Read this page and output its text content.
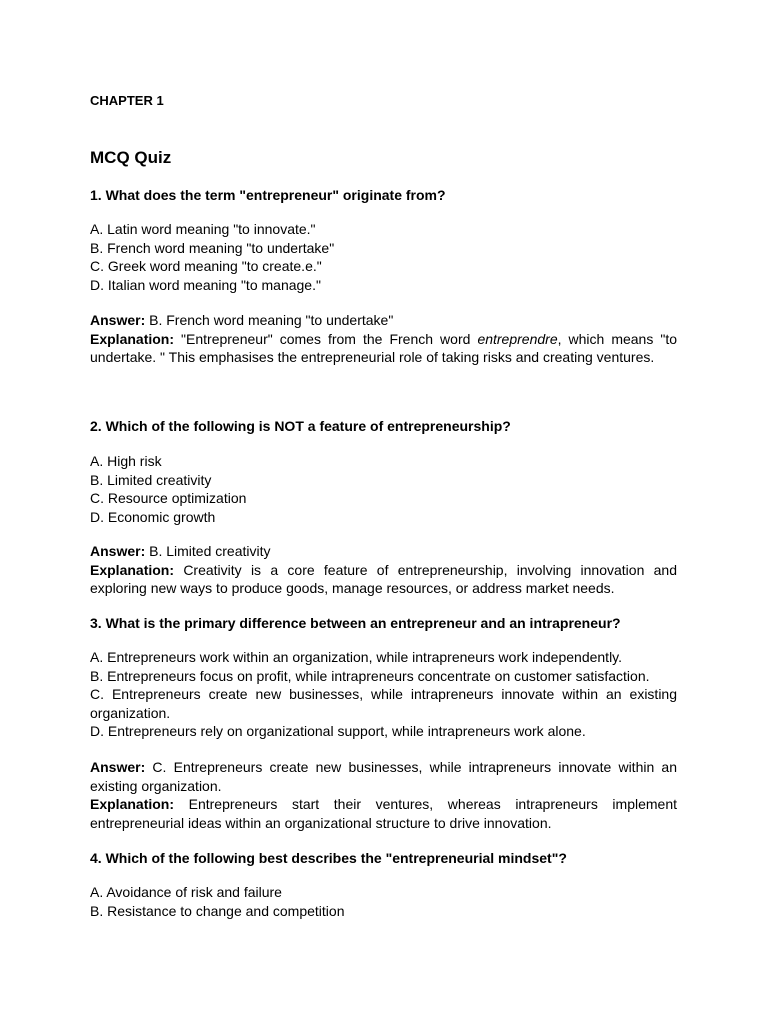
CHAPTER 1
MCQ Quiz
1. What does the term "entrepreneur" originate from?
A. Latin word meaning "to innovate."
B. French word meaning "to undertake"
C. Greek word meaning "to create.e."
D. Italian word meaning "to manage."
Answer: B. French word meaning "to undertake"
Explanation: "Entrepreneur" comes from the French word entreprendre, which means "to undertake. " This emphasises the entrepreneurial role of taking risks and creating ventures.
2. Which of the following is NOT a feature of entrepreneurship?
A. High risk
B. Limited creativity
C. Resource optimization
D. Economic growth
Answer: B. Limited creativity
Explanation: Creativity is a core feature of entrepreneurship, involving innovation and exploring new ways to produce goods, manage resources, or address market needs.
3. What is the primary difference between an entrepreneur and an intrapreneur?
A. Entrepreneurs work within an organization, while intrapreneurs work independently.
B. Entrepreneurs focus on profit, while intrapreneurs concentrate on customer satisfaction.
C. Entrepreneurs create new businesses, while intrapreneurs innovate within an existing organization.
D. Entrepreneurs rely on organizational support, while intrapreneurs work alone.
Answer: C. Entrepreneurs create new businesses, while intrapreneurs innovate within an existing organization.
Explanation: Entrepreneurs start their ventures, whereas intrapreneurs implement entrepreneurial ideas within an organizational structure to drive innovation.
4. Which of the following best describes the "entrepreneurial mindset"?
A. Avoidance of risk and failure
B. Resistance to change and competition
